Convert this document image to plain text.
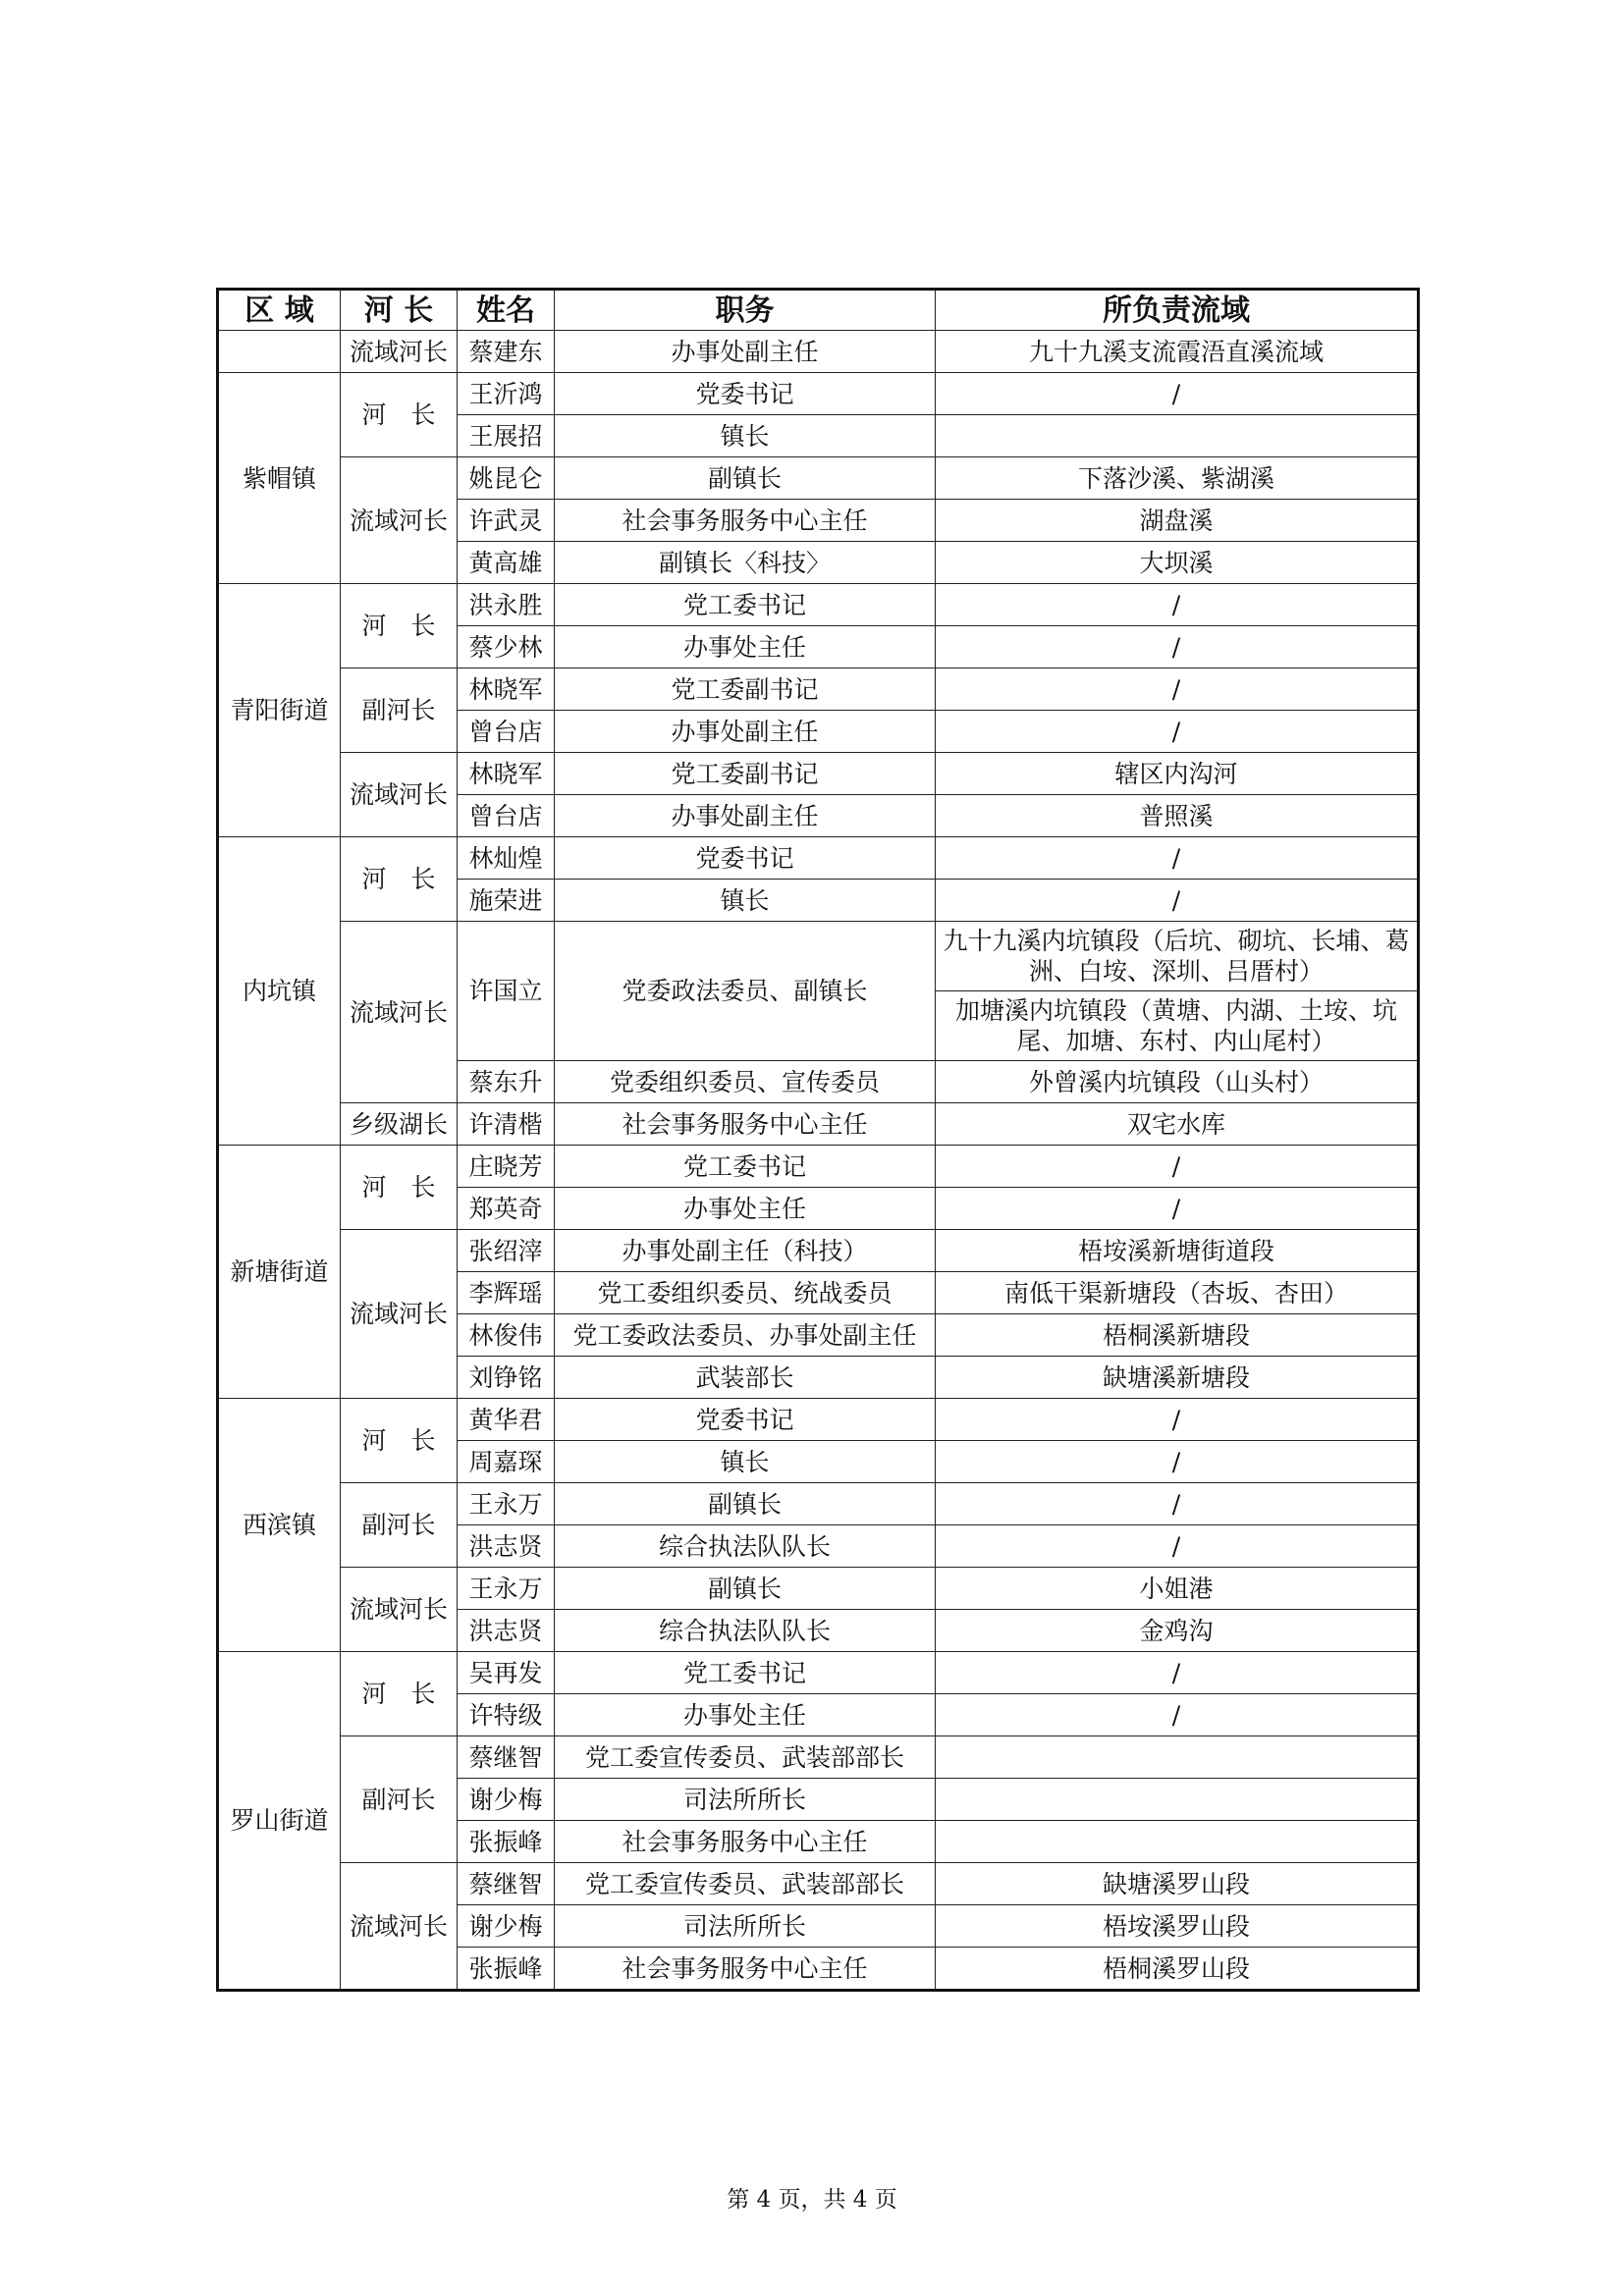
区 域	河 长	姓名	职务	所负责流域
	流域河长	蔡建东	办事处副主任	九十九溪支流霞浯直溪流域
紫帽镇	河　长	王沂鸿	党委书记	/
		王展招	镇长	
	流域河长	姚昆仑	副镇长	下落沙溪、紫湖溪
		许武灵	社会事务服务中心主任	湖盘溪
		黄高雄	副镇长〈科技〉	大坝溪
青阳街道	河　长	洪永胜	党工委书记	/
		蔡少林	办事处主任	/
	副河长	林晓军	党工委副书记	/
		曾台店	办事处副主任	/
	流域河长	林晓军	党工委副书记	辖区内沟河
		曾台店	办事处副主任	普照溪
内坑镇	河　长	林灿煌	党委书记	/
		施荣进	镇长	/
	流域河长	许国立	党委政法委员、副镇长	九十九溪内坑镇段（后坑、砌坑、长埔、葛洲、白垵、深圳、吕厝村）
				加塘溪内坑镇段（黄塘、内湖、土垵、坑尾、加塘、东村、内山尾村）
		蔡东升	党委组织委员、宣传委员	外曾溪内坑镇段（山头村）
	乡级湖长	许清楷	社会事务服务中心主任	双宅水库
新塘街道	河　长	庄晓芳	党工委书记	/
		郑英奇	办事处主任	/
	流域河长	张绍滓	办事处副主任（科技）	梧垵溪新塘街道段
		李辉瑶	党工委组织委员、统战委员	南低干渠新塘段（杏坂、杏田）
		林俊伟	党工委政法委员、办事处副主任	梧桐溪新塘段
		刘铮铭	武装部长	缺塘溪新塘段
西滨镇	河　长	黄华君	党委书记	/
		周嘉琛	镇长	/
	副河长	王永万	副镇长	/
		洪志贤	综合执法队队长	/
	流域河长	王永万	副镇长	小姐港
		洪志贤	综合执法队队长	金鸡沟
罗山街道	河　长	吴再发	党工委书记	/
		许特级	办事处主任	/
	副河长	蔡继智	党工委宣传委员、武装部部长	
		谢少梅	司法所所长	
		张振峰	社会事务服务中心主任	
	流域河长	蔡继智	党工委宣传委员、武装部部长	缺塘溪罗山段
		谢少梅	司法所所长	梧垵溪罗山段
		张振峰	社会事务服务中心主任	梧桐溪罗山段
第 4 页，共 4 页
